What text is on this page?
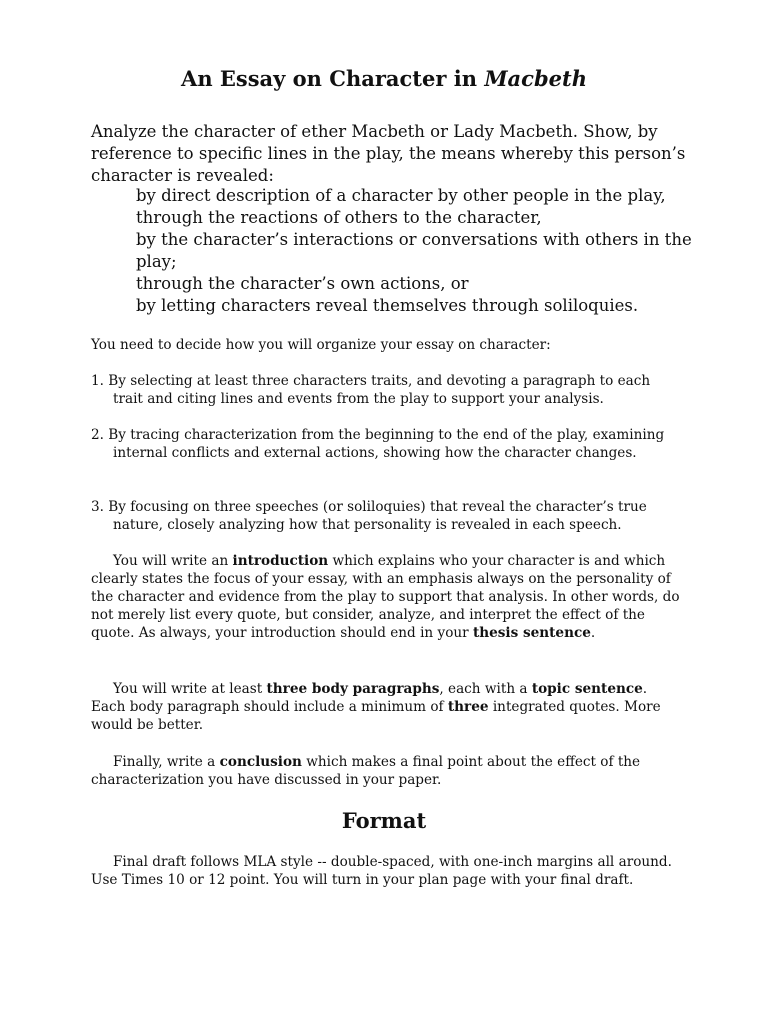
An Essay on Character in Macbeth

Analyze the character of ether Macbeth or Lady Macbeth. Show, by reference to specific lines in the play, the means whereby this person’s character is revealed:

by direct description of a character by other people in the play,
through the reactions of others to the character,
by the character’s interactions or conversations with others in the play;
through the character’s own actions, or
by letting characters reveal themselves through soliloquies.

You need to decide how you will organize your essay on character:

1. By selecting at least three characters traits, and devoting a paragraph to each trait and citing lines and events from the play to support your analysis.

2. By tracing characterization from the beginning to the end of the play, examining internal conflicts and external actions, showing how the character changes.

3. By focusing on three speeches (or soliloquies) that reveal the character’s true nature, closely analyzing how that personality is revealed in each speech.

You will write an introduction which explains who your character is and which clearly states the focus of your essay, with an emphasis always on the personality of the character and evidence from the play to support that analysis. In other words, do not merely list every quote, but consider, analyze, and interpret the effect of the quote. As always, your introduction should end in your thesis sentence.

You will write at least three body paragraphs, each with a topic sentence. Each body paragraph should include a minimum of three integrated quotes. More would be better.

Finally, write a conclusion which makes a final point about the effect of the characterization you have discussed in your paper.

Format

Final draft follows MLA style -- double-spaced, with one-inch margins all around. Use Times 10 or 12 point. You will turn in your plan page with your final draft.
